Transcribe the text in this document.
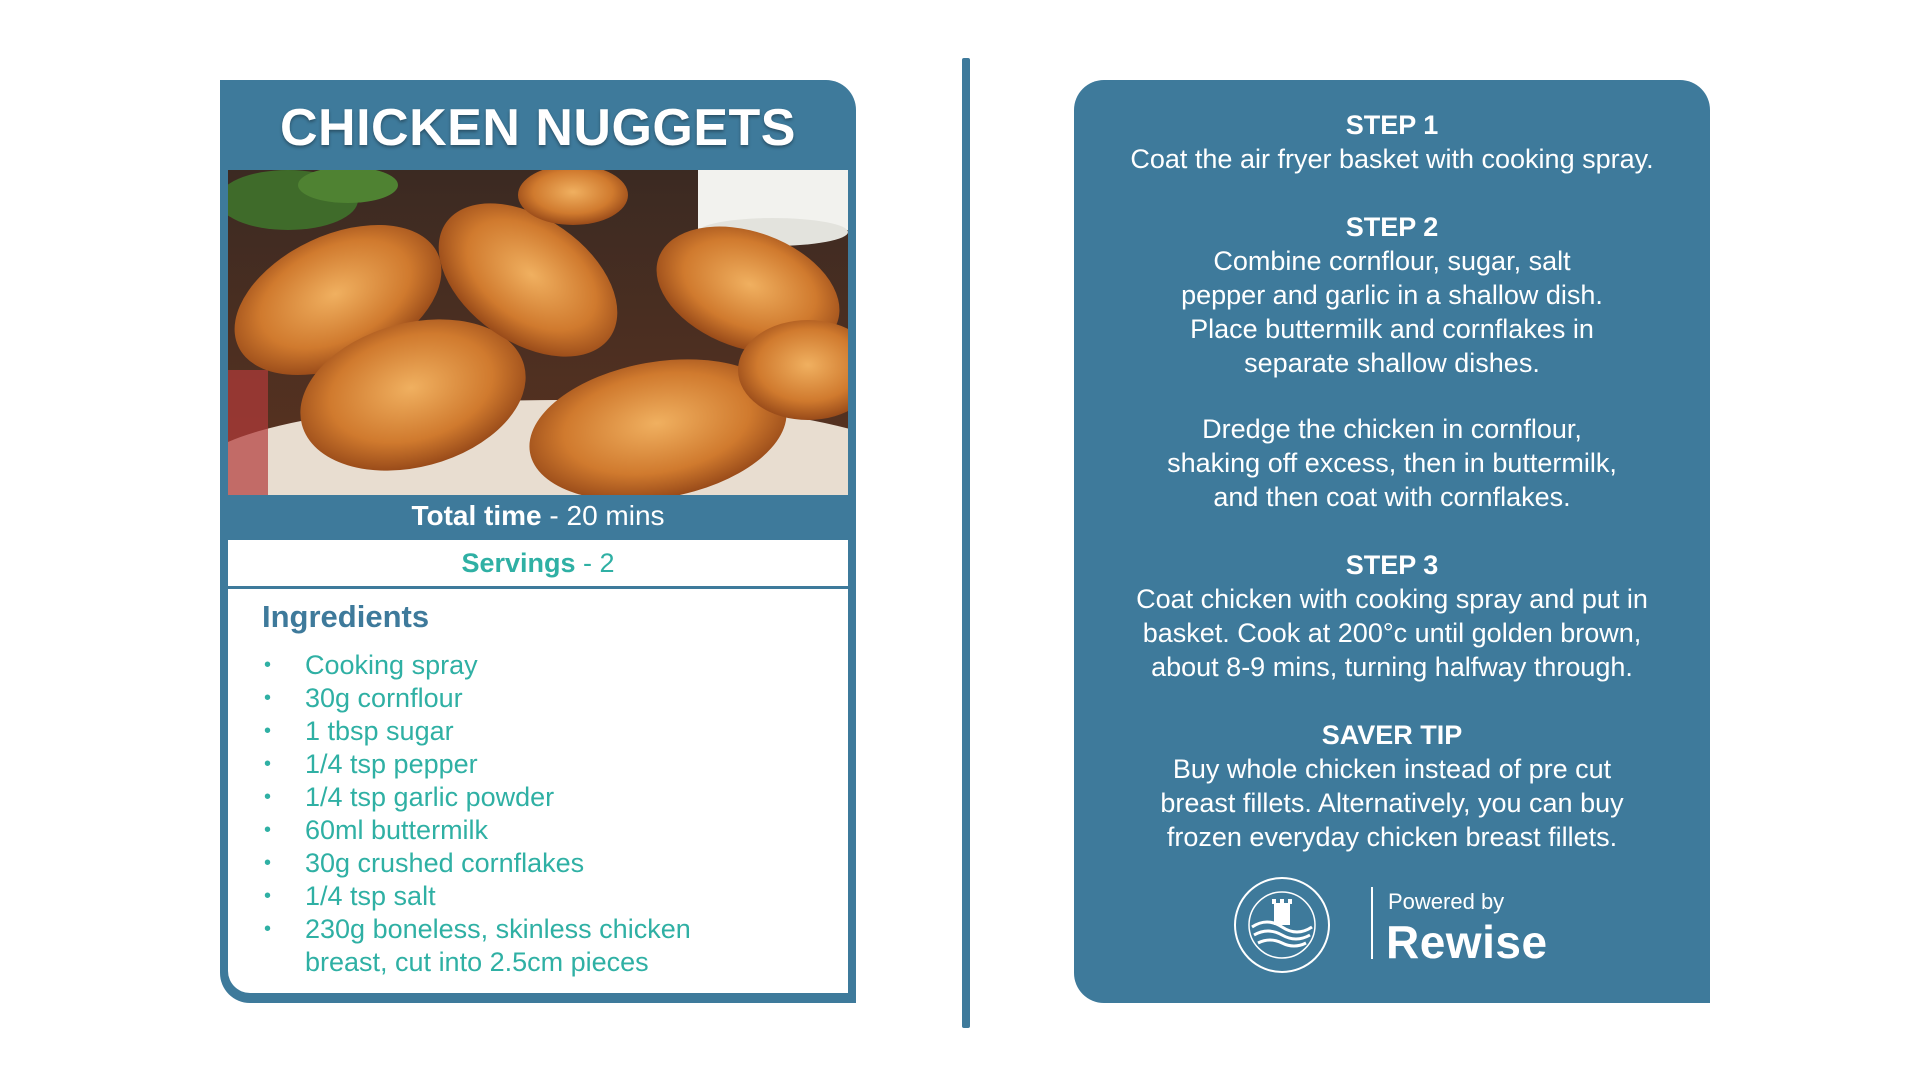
CHICKEN NUGGETS
Total time - 20 mins
Servings - 2
Ingredients
• Cooking spray
• 30g cornflour
• 1 tbsp sugar
• 1/4 tsp pepper
• 1/4 tsp garlic powder
• 60ml buttermilk
• 30g crushed cornflakes
• 1/4 tsp salt
• 230g boneless, skinless chicken breast, cut into 2.5cm pieces
STEP 1
Coat the air fryer basket with cooking spray.
STEP 2
Combine cornflour, sugar, salt
pepper and garlic in a shallow dish.
Place buttermilk and cornflakes in
separate shallow dishes.
Dredge the chicken in cornflour,
shaking off excess, then in buttermilk,
and then coat with cornflakes.
STEP 3
Coat chicken with cooking spray and put in
basket. Cook at 200°c until golden brown,
about 8-9 mins, turning halfway through.
SAVER TIP
Buy whole chicken instead of pre cut
breast fillets. Alternatively, you can buy
frozen everyday chicken breast fillets.
Powered by
Rewise
